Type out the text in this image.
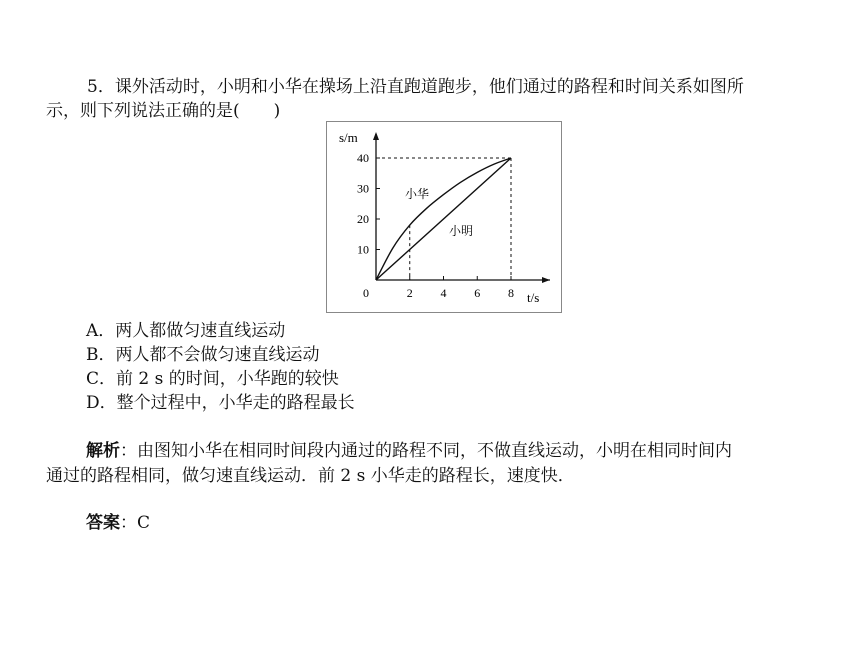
5．课外活动时，小明和小华在操场上沿直跑道跑步，他们通过的路程和时间关系如图所
示，则下列说法正确的是(　　)
s/m
t/s
10
20
30
40
0	2 4 6 8
小华
小明
A．两人都做匀速直线运动
B．两人都不会做匀速直线运动
C．前 2 s 的时间，小华跑的较快
D．整个过程中，小华走的路程最长
解析：由图知小华在相同时间段内通过的路程不同，不做直线运动，小明在相同时间内
通过的路程相同，做匀速直线运动．前 2 s 小华走的路程长，速度快．
答案：C
